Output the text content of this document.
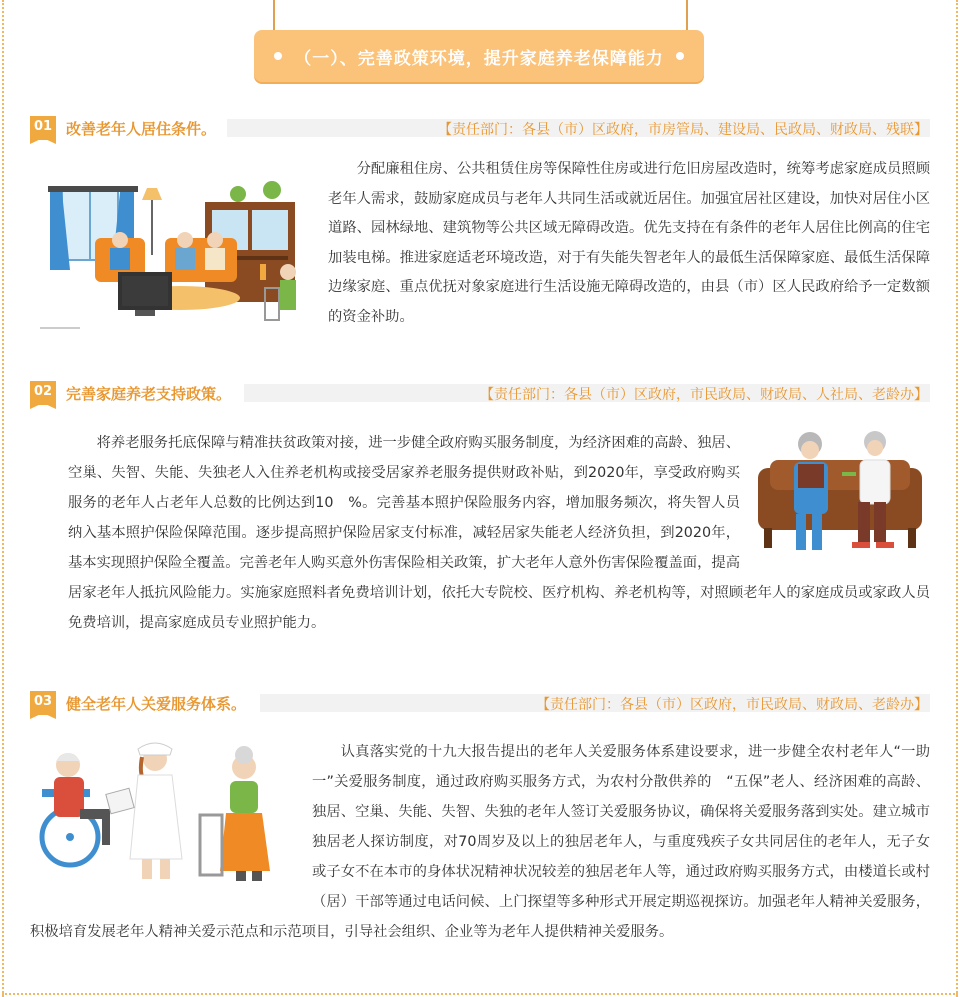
（一）、完善政策环境，提升家庭养老保障能力
01 改善老年人居住条件。	【责任部门：各县（市）区政府，市房管局、建设局、民政局、财政局、残联】
分配廉租住房、公共租赁住房等保障性住房或进行危旧房屋改造时，统筹考虑家庭成员照顾老年人需求，鼓励家庭成员与老年人共同生活或就近居住。加强宜居社区建设，加快对居住小区道路、园林绿地、建筑物等公共区域无障碍改造。优先支持在有条件的老年人居住比例高的住宅加装电梯。推进家庭适老环境改造，对于有失能失智老年人的最低生活保障家庭、最低生活保障边缘家庭、重点优抚对象家庭进行生活设施无障碍改造的，由县（市）区人民政府给予一定数额的资金补助。
02 完善家庭养老支持政策。	【责任部门：各县（市）区政府，市民政局、财政局、人社局、老龄办】
将养老服务托底保障与精准扶贫政策对接，进一步健全政府购买服务制度，为经济困难的高龄、独居、空巢、失智、失能、失独老人入住养老机构或接受居家养老服务提供财政补贴，到2020年，享受政府购买服务的老年人占老年人总数的比例达到10　%。完善基本照护保险服务内容，增加服务频次，将失智人员纳入基本照护保险保障范围。逐步提高照护保险居家支付标准，减轻居家失能老人经济负担，到2020年，基本实现照护保险全覆盖。完善老年人购买意外伤害保险相关政策，扩大老年人意外伤害保险覆盖面，提高居家老年人抵抗风险能力。实施家庭照料者免费培训计划，依托大专院校、医疗机构、养老机构等，对照顾老年人的家庭成员或家政人员免费培训，提高家庭成员专业照护能力。
03 健全老年人关爱服务体系。	【责任部门：各县（市）区政府，市民政局、财政局、老龄办】
认真落实党的十九大报告提出的老年人关爱服务体系建设要求，进一步健全农村老年人“一助一”关爱服务制度，通过政府购买服务方式，为农村分散供养的　“五保”老人、经济困难的高龄、独居、空巢、失能、失智、失独的老年人签订关爱服务协议，确保将关爱服务落到实处。建立城市独居老人探访制度，对70周岁及以上的独居老年人，与重度残疾子女共同居住的老年人，无子女或子女不在本市的身体状况精神状况较差的独居老年人等，通过政府购买服务方式，由楼道长或村（居）干部等通过电话问候、上门探望等多种形式开展定期巡视探访。加强老年人精神关爱服务，积极培育发展老年人精神关爱示范点和示范项目，引导社会组织、企业等为老年人提供精神关爱服务。
